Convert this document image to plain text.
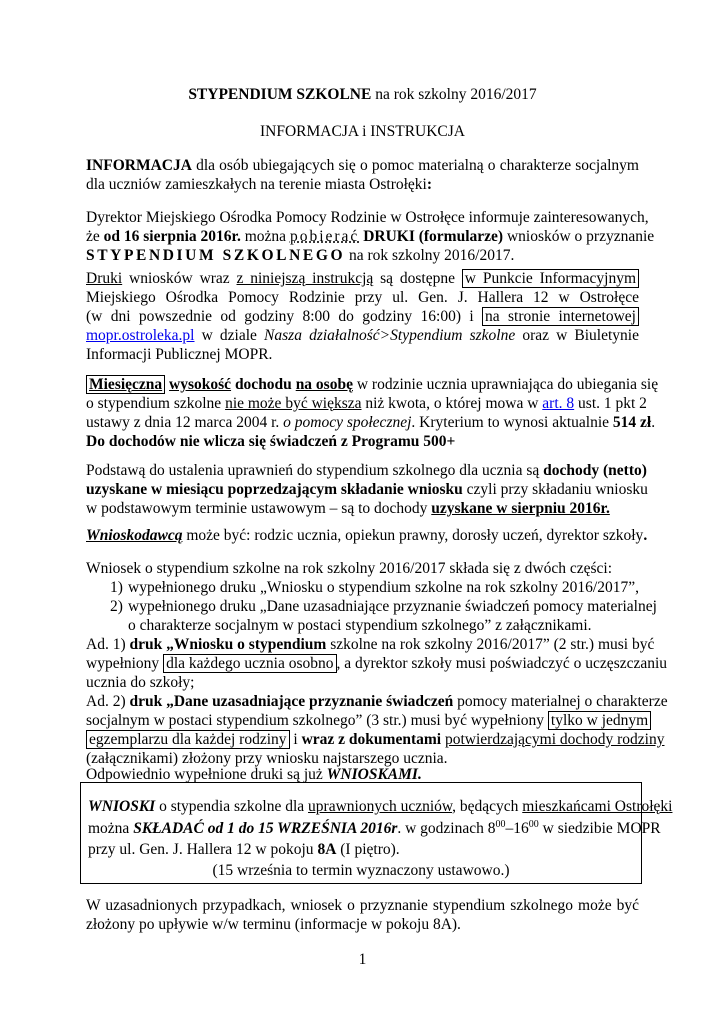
STYPENDIUM SZKOLNE na rok szkolny 2016/2017
INFORMACJA i INSTRUKCJA
INFORMACJA dla osób ubiegających się o pomoc materialną o charakterze socjalnym
dla uczniów zamieszkałych na terenie miasta Ostrołęki:
Dyrektor Miejskiego Ośrodka Pomocy Rodzinie w Ostrołęce informuje zainteresowanych,
że od 16 sierpnia 2016r. można pobierać DRUKI (formularze) wniosków o przyznanie
STYPENDIUM SZKOLNEGO na rok szkolny 2016/2017.
Druki wniosków wraz z niniejszą instrukcją są dostępne w Punkcie Informacyjnym
Miejskiego Ośrodka Pomocy Rodzinie przy ul. Gen. J. Hallera 12 w Ostrołęce
(w dni powszednie od godziny 8:00 do godziny 16:00) i na stronie internetowej
mopr.ostroleka.pl w dziale Nasza działalność>Stypendium szkolne oraz w Biuletynie
Informacji Publicznej MOPR.
Miesięczna wysokość dochodu na osobę w rodzinie ucznia uprawniająca do ubiegania się
o stypendium szkolne nie może być większa niż kwota, o której mowa w art. 8 ust. 1 pkt 2
ustawy z dnia 12 marca 2004 r. o pomocy społecznej. Kryterium to wynosi aktualnie 514 zł.
Do dochodów nie wlicza się świadczeń z Programu 500+
Podstawą do ustalenia uprawnień do stypendium szkolnego dla ucznia są dochody (netto)
uzyskane w miesiącu poprzedzającym składanie wniosku czyli przy składaniu wniosku
w podstawowym terminie ustawowym – są to dochody uzyskane w sierpniu 2016r.
Wnioskodawcą może być: rodzic ucznia, opiekun prawny, dorosły uczeń, dyrektor szkoły.
Wniosek o stypendium szkolne na rok szkolny 2016/2017 składa się z dwóch części:
1) wypełnionego druku „Wniosku o stypendium szkolne na rok szkolny 2016/2017”,
2) wypełnionego druku „Dane uzasadniające przyznanie świadczeń pomocy materialnej
o charakterze socjalnym w postaci stypendium szkolnego” z załącznikami.
Ad. 1) druk „Wniosku o stypendium szkolne na rok szkolny 2016/2017” (2 str.) musi być
wypełniony dla każdego ucznia osobno , a dyrektor szkoły musi poświadczyć o uczęszczaniu
ucznia do szkoły;
Ad. 2) druk „Dane uzasadniające przyznanie świadczeń pomocy materialnej o charakterze
socjalnym w postaci stypendium szkolnego” (3 str.) musi być wypełniony tylko w jednym
egzemplarzu dla każdej rodziny i wraz z dokumentami potwierdzającymi dochody rodziny
(załącznikami) złożony przy wniosku najstarszego ucznia.
Odpowiednio wypełnione druki są już WNIOSKAMI.
WNIOSKI o stypendia szkolne dla uprawnionych uczniów, będących mieszkańcami Ostrołęki
można SKŁADAĆ od 1 do 15 WRZEŚNIA 2016r. w godzinach $8^{00}-16^{00}$ w siedzibie MOPR
przy ul. Gen. J. Hallera 12 w pokoju 8A (I piętro).
(15 września to termin wyznaczony ustawowo.)
W uzasadnionych przypadkach, wniosek o przyznanie stypendium szkolnego może być
złożony po upływie w/w terminu (informacje w pokoju 8A).
1
